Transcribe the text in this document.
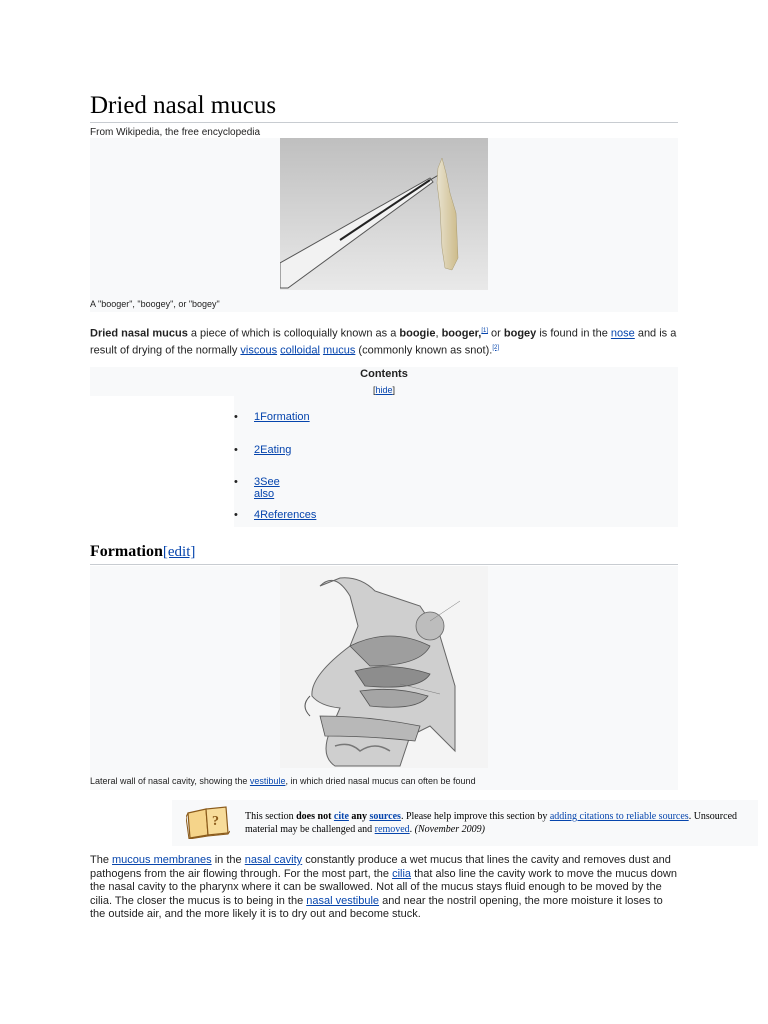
Dried nasal mucus
From Wikipedia, the free encyclopedia
A "booger", "boogey", or "bogey"

Dried nasal mucus a piece of which is colloquially known as a boogie, booger,[1] or bogey is found in the nose and is a result of drying of the normally viscous colloidal mucus (commonly known as snot).[2]

Contents
[hide]
• 1Formation
• 2Eating
• 3See also
• 4References
Formation[edit]
Lateral wall of nasal cavity, showing the vestibule, in which dried nasal mucus can often be found
The mucous membranes in the nasal cavity constantly produce a wet mucus that lines the cavity and removes dust and pathogens from the air flowing through. For the most part, the cilia that also line the cavity work to move the mucus down the nasal cavity to the pharynx where it can be swallowed. Not all of the mucus stays fluid enough to be moved by the cilia. The closer the mucus is to being in the nasal vestibule and near the nostril opening, the more moisture it loses to the outside air, and the more likely it is to dry out and become stuck.
?	This section does not cite any sources. Please help improve this section by adding citations to reliable sources. Unsourced material may be challenged and removed. (November 2009)
